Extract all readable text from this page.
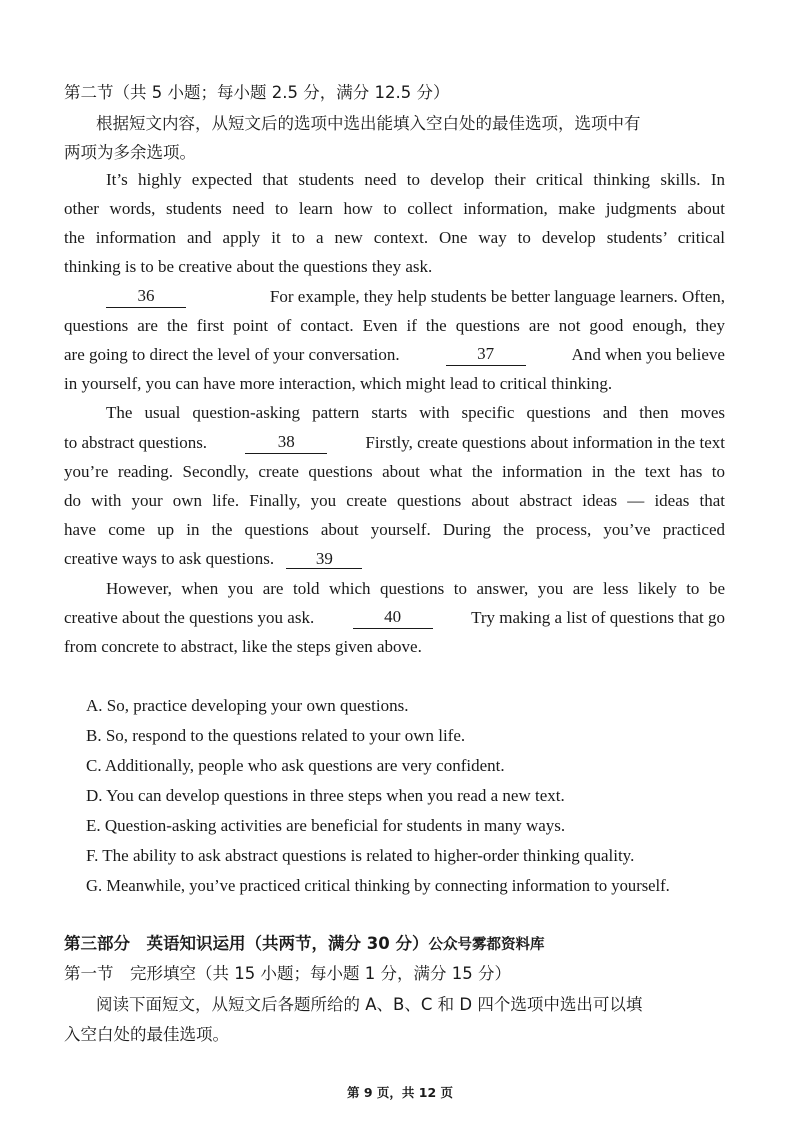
第二节（共 5 小题；每小题 2.5 分，满分 12.5 分）
根据短文内容，从短文后的选项中选出能填入空白处的最佳选项，选项中有
两项为多余选项。
It’s highly expected that students need to develop their critical thinking skills. In
other words, students need to learn how to collect information, make judgments about
the information and apply it to a new context. One way to develop students’ critical
thinking is to be creative about the questions they ask.
36	For example, they help students be better language learners. Often,
questions are the first point of contact. Even if the questions are not good enough, they
are going to direct the level of your conversation.	37	And when you believe
in yourself, you can have more interaction, which might lead to critical thinking.
The usual question-asking pattern starts with specific questions and then moves
to abstract questions.	38	Firstly, create questions about information in the text
you’re reading. Secondly, create questions about what the information in the text has to
do with your own life. Finally, you create questions about abstract ideas — ideas that
have come up in the questions about yourself. During the process, you’ve practiced
creative ways to ask questions. 39
However, when you are told which questions to answer, you are less likely to be
creative about the questions you ask.	40	Try making a list of questions that go
from concrete to abstract, like the steps given above.
A. So, practice developing your own questions.
B. So, respond to the questions related to your own life.
C. Additionally, people who ask questions are very confident.
D. You can develop questions in three steps when you read a new text.
E. Question-asking activities are beneficial for students in many ways.
F. The ability to ask abstract questions is related to higher-order thinking quality.
G. Meanwhile, you’ve practiced critical thinking by connecting information to yourself.
第三部分　英语知识运用（共两节，满分 30 分）公众号雾都资料库
第一节　完形填空（共 15 小题；每小题 1 分，满分 15 分）
阅读下面短文，从短文后各题所给的 A、B、C 和 D 四个选项中选出可以填
入空白处的最佳选项。
第 9 页，共 12 页
